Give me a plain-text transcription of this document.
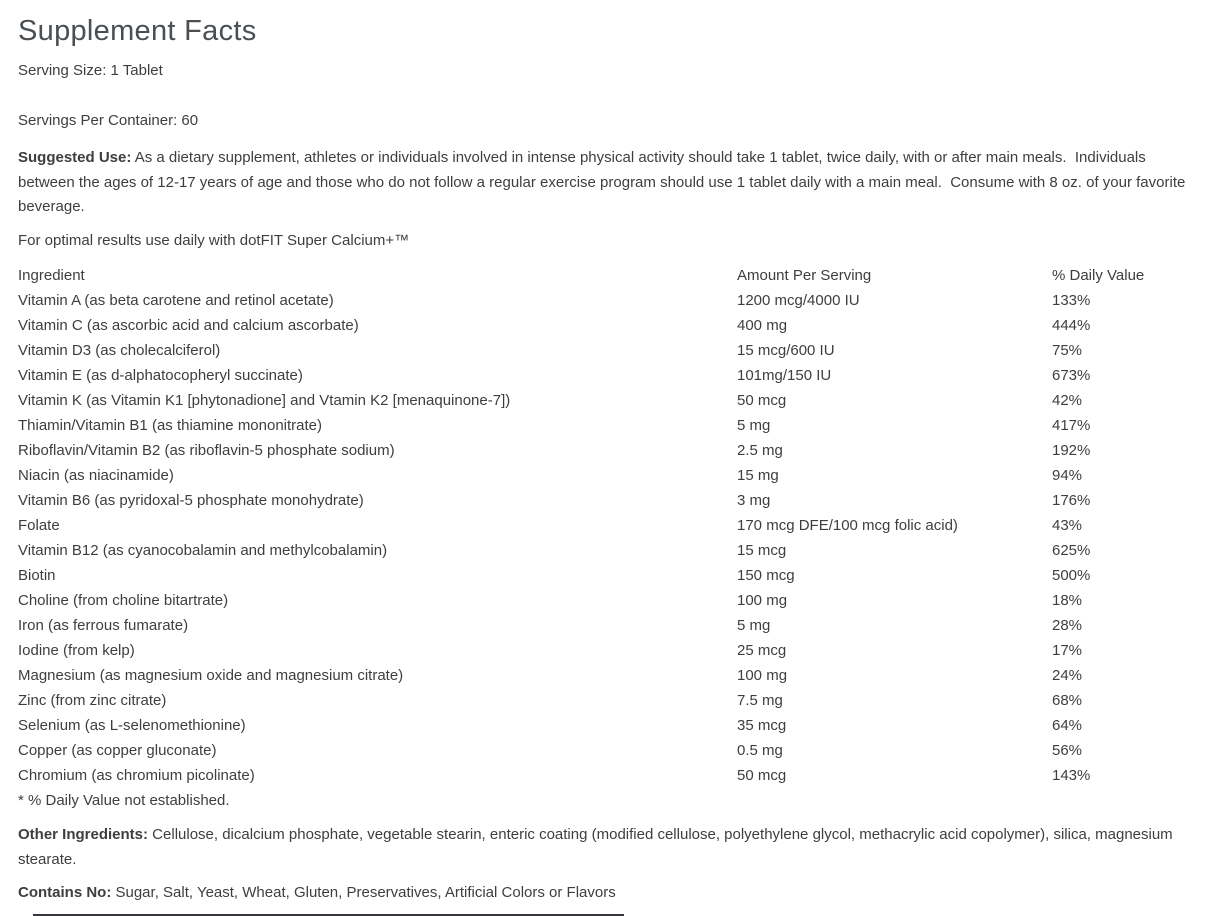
Supplement Facts
Serving Size: 1 Tablet
Servings Per Container: 60
Suggested Use: As a dietary supplement, athletes or individuals involved in intense physical activity should take 1 tablet, twice daily, with or after main meals.  Individuals between the ages of 12-17 years of age and those who do not follow a regular exercise program should use 1 tablet daily with a main meal.  Consume with 8 oz. of your favorite beverage.
For optimal results use daily with dotFIT Super Calcium+™
Ingredient	Amount Per Serving	% Daily Value
Vitamin A (as beta carotene and retinol acetate)	1200 mcg/4000 IU	133%
Vitamin C (as ascorbic acid and calcium ascorbate)	400 mg	444%
Vitamin D3 (as cholecalciferol)	15 mcg/600 IU	75%
Vitamin E (as d-alphatocopheryl succinate)	101mg/150 IU	673%
Vitamin K (as Vitamin K1 [phytonadione] and Vtamin K2 [menaquinone-7])	50 mcg	42%
Thiamin/Vitamin B1 (as thiamine mononitrate)	5 mg	417%
Riboflavin/Vitamin B2 (as riboflavin-5 phosphate sodium)	2.5 mg	192%
Niacin (as niacinamide)	15 mg	94%
Vitamin B6 (as pyridoxal-5 phosphate monohydrate)	3 mg	176%
Folate	170 mcg DFE/100 mcg folic acid)	43%
Vitamin B12 (as cyanocobalamin and methylcobalamin)	15 mcg	625%
Biotin	150 mcg	500%
Choline (from choline bitartrate)	100 mg	18%
Iron (as ferrous fumarate)	5 mg	28%
Iodine (from kelp)	25 mcg	17%
Magnesium (as magnesium oxide and magnesium citrate)	100 mg	24%
Zinc (from zinc citrate)	7.5 mg	68%
Selenium (as L-selenomethionine)	35 mcg	64%
Copper (as copper gluconate)	0.5 mg	56%
Chromium (as chromium picolinate)	50 mcg	143%
* % Daily Value not established.
Other Ingredients: Cellulose, dicalcium phosphate, vegetable stearin, enteric coating (modified cellulose, polyethylene glycol, methacrylic acid copolymer), silica, magnesium stearate.
Contains No: Sugar, Salt, Yeast, Wheat, Gluten, Preservatives, Artificial Colors or Flavors
